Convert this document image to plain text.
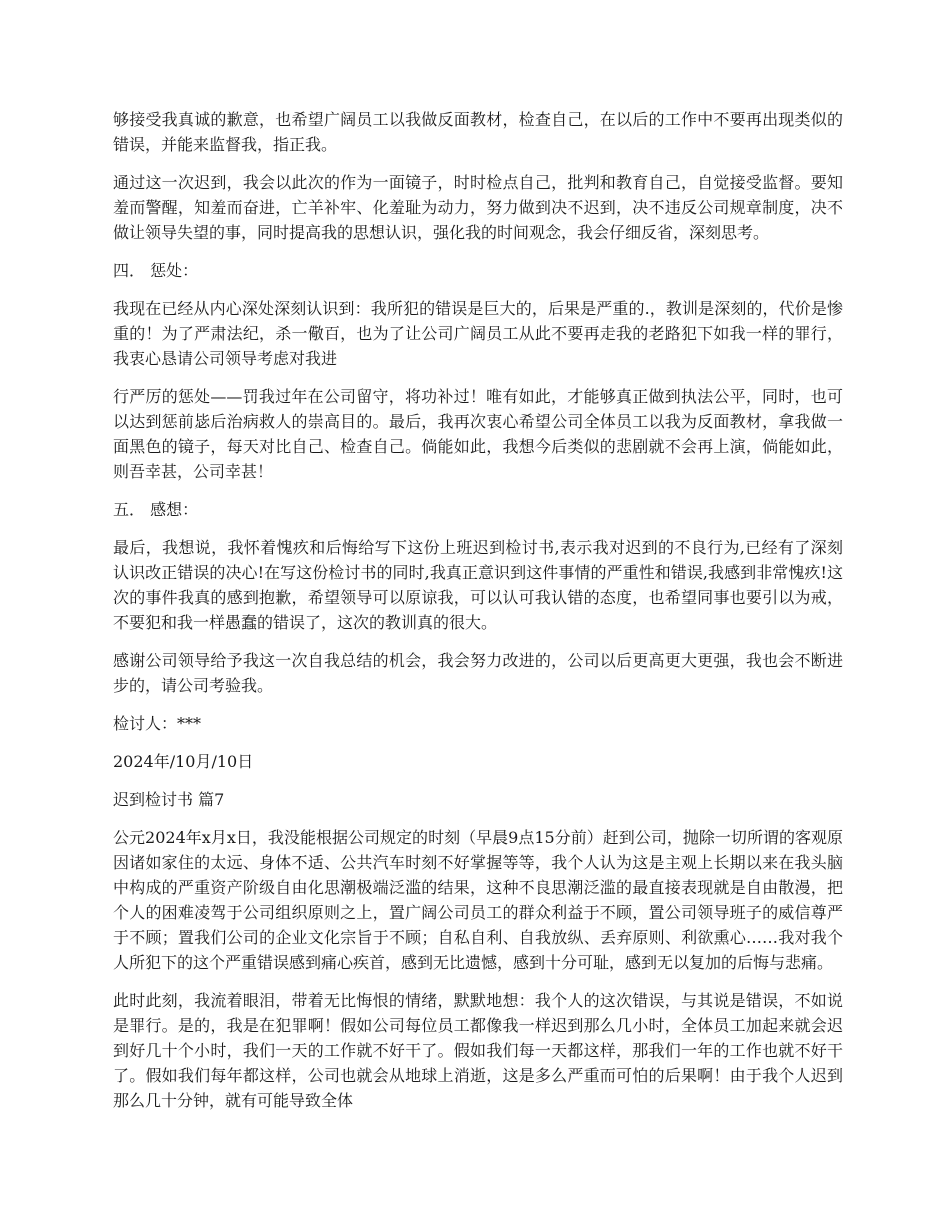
够接受我真诚的歉意，也希望广阔员工以我做反面教材，检查自己，在以后的工作中不要再出现类似的错误，并能来监督我，指正我。

通过这一次迟到，我会以此次的作为一面镜子，时时检点自己，批判和教育自己，自觉接受监督。要知羞而警醒，知羞而奋进，亡羊补牢、化羞耻为动力，努力做到决不迟到，决不违反公司规章制度，决不做让领导失望的事，同时提高我的思想认识，强化我的时间观念，我会仔细反省，深刻思考。

四． 惩处：

我现在已经从内心深处深刻认识到：我所犯的错误是巨大的，后果是严重的.，教训是深刻的，代价是惨重的！为了严肃法纪，杀一儆百，也为了让公司广阔员工从此不要再走我的老路犯下如我一样的罪行，我衷心恳请公司领导考虑对我进

行严厉的惩处——罚我过年在公司留守，将功补过！唯有如此，才能够真正做到执法公平，同时，也可以达到惩前毖后治病救人的崇高目的。最后，我再次衷心希望公司全体员工以我为反面教材，拿我做一面黑色的镜子，每天对比自己、检查自己。倘能如此，我想今后类似的悲剧就不会再上演，倘能如此，则吾幸甚，公司幸甚！

五． 感想：

最后，我想说，我怀着愧疚和后悔给写下这份上班迟到检讨书,表示我对迟到的不良行为,已经有了深刻认识改正错误的决心!在写这份检讨书的同时,我真正意识到这件事情的严重性和错误,我感到非常愧疚!这次的事件我真的感到抱歉，希望领导可以原谅我，可以认可我认错的态度，也希望同事也要引以为戒，不要犯和我一样愚蠢的错误了，这次的教训真的很大。

感谢公司领导给予我这一次自我总结的机会，我会努力改进的，公司以后更高更大更强，我也会不断进步的，请公司考验我。

检讨人：***

2024年/10月/10日

迟到检讨书 篇7

公元2024年x月x日，我没能根据公司规定的时刻（早晨9点15分前）赶到公司，抛除一切所谓的客观原因诸如家住的太远、身体不适、公共汽车时刻不好掌握等等，我个人认为这是主观上长期以来在我头脑中构成的严重资产阶级自由化思潮极端泛滥的结果，这种不良思潮泛滥的最直接表现就是自由散漫，把个人的困难凌驾于公司组织原则之上，置广阔公司员工的群众利益于不顾，置公司领导班子的威信尊严于不顾；置我们公司的企业文化宗旨于不顾；自私自利、自我放纵、丢弃原则、利欲熏心……我对我个人所犯下的这个严重错误感到痛心疾首，感到无比遗憾，感到十分可耻，感到无以复加的后悔与悲痛。

此时此刻，我流着眼泪，带着无比悔恨的情绪，默默地想：我个人的这次错误，与其说是错误，不如说是罪行。是的，我是在犯罪啊！假如公司每位员工都像我一样迟到那么几小时，全体员工加起来就会迟到好几十个小时，我们一天的工作就不好干了。假如我们每一天都这样，那我们一年的工作也就不好干了。假如我们每年都这样，公司也就会从地球上消逝，这是多么严重而可怕的后果啊！由于我个人迟到那么几十分钟，就有可能导致全体
